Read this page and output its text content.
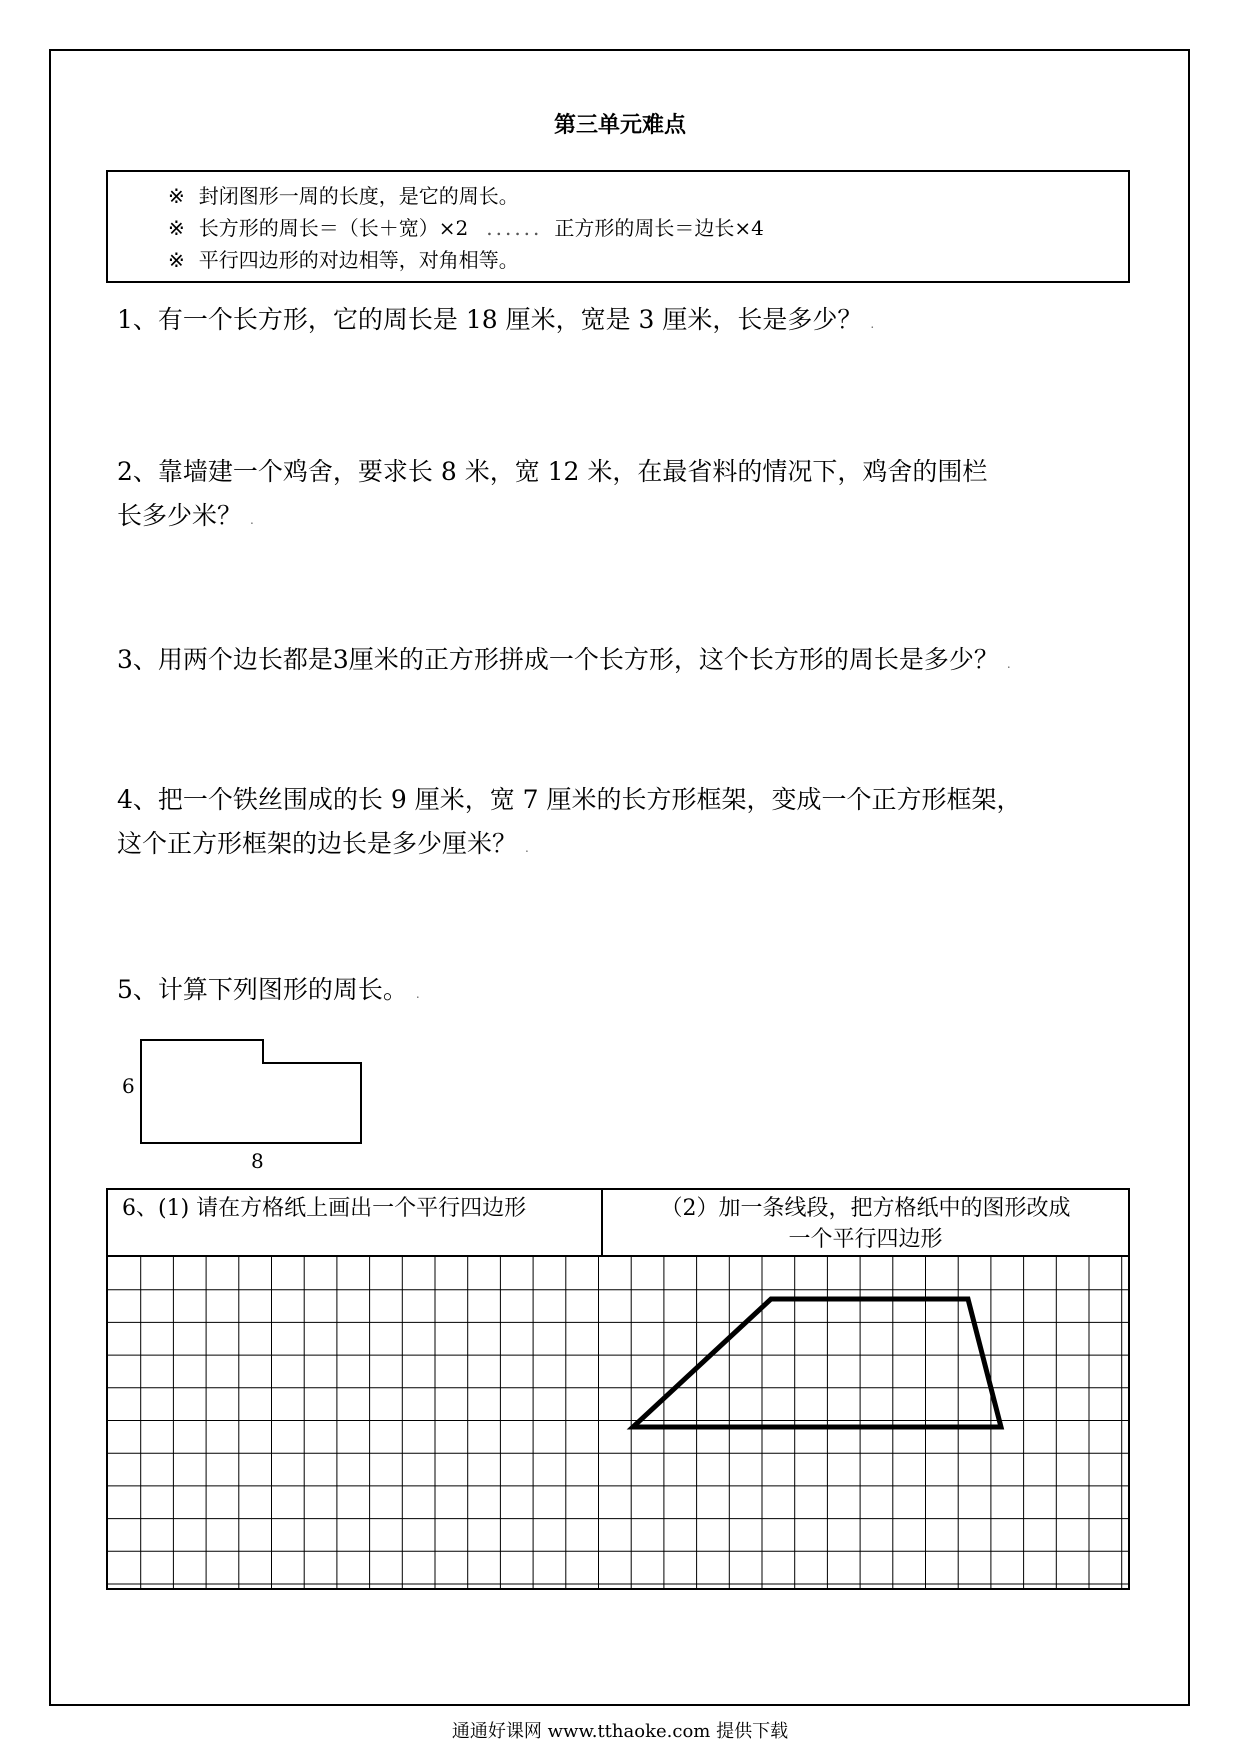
第三单元难点
※ 封闭图形一周的长度，是它的周长。
※ 长方形的周长＝（长＋宽）×2 ...... 正方形的周长＝边长×4
※ 平行四边形的对边相等，对角相等。
1、有一个长方形，它的周长是 18 厘米，宽是 3 厘米，长是多少？ .
2、靠墙建一个鸡舍，要求长 8 米，宽 12 米，在最省料的情况下，鸡舍的围栏
长多少米？ .
3、用两个边长都是3厘米的正方形拼成一个长方形，这个长方形的周长是多少？ .
4、把一个铁丝围成的长 9 厘米，宽 7 厘米的长方形框架，变成一个正方形框架，
这个正方形框架的边长是多少厘米？ .
5、计算下列图形的周长。 .
6
8
6、(1) 请在方格纸上画出一个平行四边形	（2）加一条线段，把方格纸中的图形改成
一个平行四边形
通通好课网 www.tthaoke.com 提供下载
